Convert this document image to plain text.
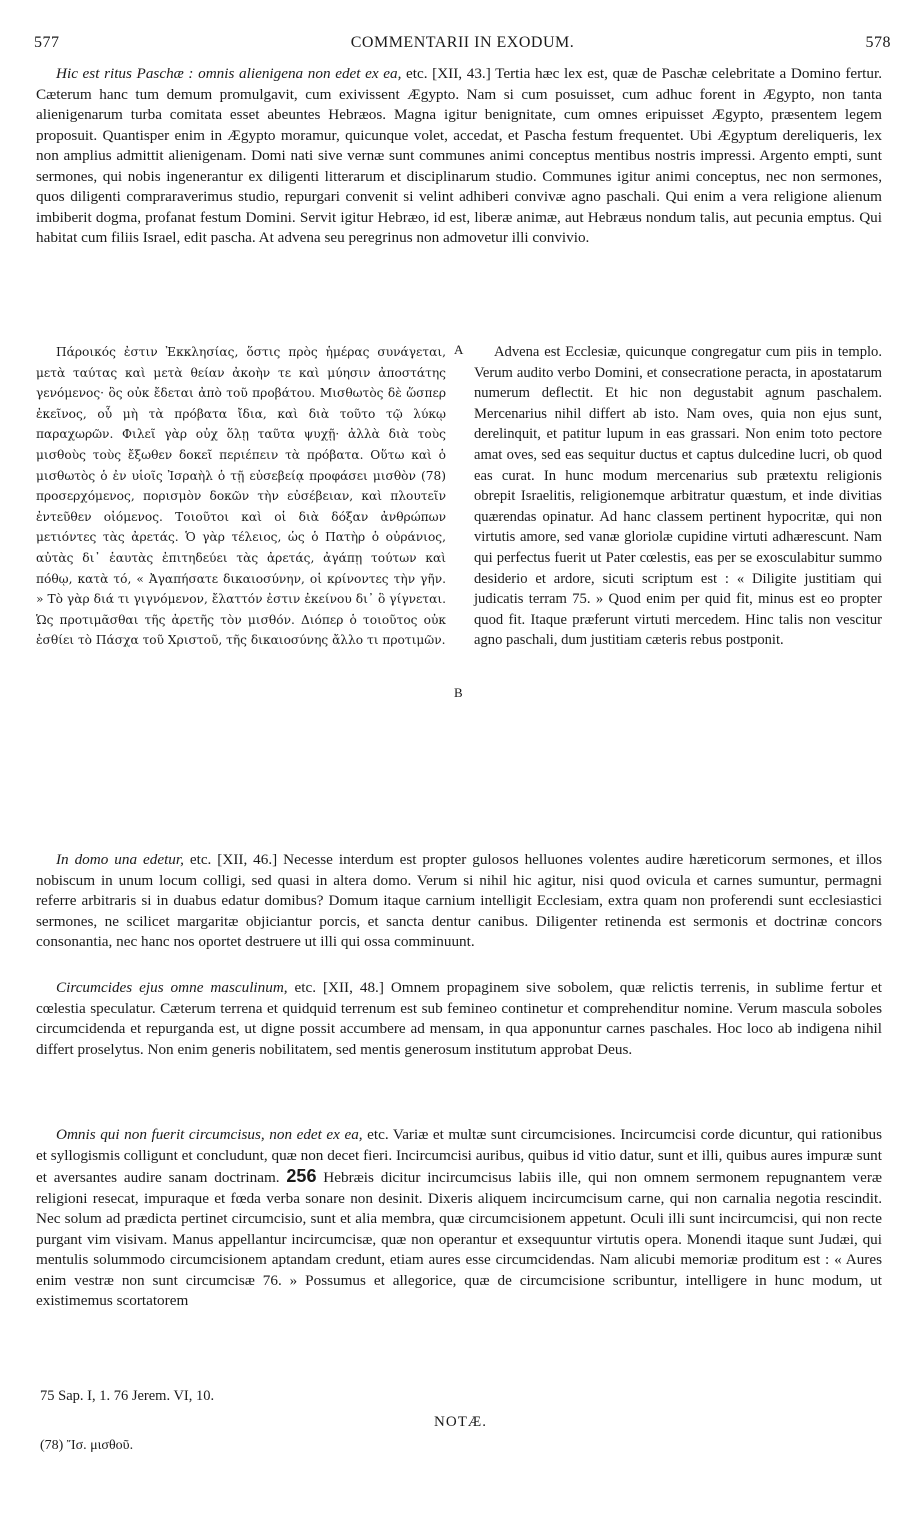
577	COMMENTARII IN EXODUM.	578

Hic est ritus Paschæ : omnis alienigena non edet ex ea, etc. [XII, 43.] Tertia hæc lex est, quæ de Paschæ celebritate a Domino fertur. Cæterum hanc tum demum promulgavit, cum exivissent Ægypto. Nam si cum posuisset, cum adhuc forent in Ægypto, non tanta alienigenarum turba comitata esset abeuntes Hebræos. Magna igitur benignitate, cum omnes eripuisset Ægypto, præsentem legem proposuit. Quantisper enim in Ægypto moramur, quicunque volet, accedat, et Pascha festum frequentet. Ubi Ægyptum dereliqueris, lex non amplius admittit alienigenam. Domi nati sive vernæ sunt communes animi conceptus mentibus nostris impressi. Argento empti, sunt sermones, qui nobis ingenerantur ex diligenti litterarum et disciplinarum studio. Communes igitur animi conceptus, nec non sermones, quos diligenti compraraverimus studio, repurgari convenit si velint adhiberi convivæ agno paschali. Qui enim a vera religione alienum imbiberit dogma, profanat festum Domini. Servit igitur Hebræo, id est, liberæ animæ, aut Hebræus nondum talis, aut pecunia emptus. Qui habitat cum filiis Israel, edit pascha. At advena seu peregrinus non admovetur illi convivio.

Πάροικός ἐστιν Ἐκκλησίας, ὅστις πρὸς ἡμέρας συνάγεται, μετὰ ταύτας καὶ μετὰ θείαν ἀκοὴν τε καὶ μύησιν ἀποστάτης γενόμενος· ὃς οὐκ ἔδεται ἀπὸ τοῦ προβάτου. Μισθωτὸς δὲ ὥσπερ ἐκεῖνος, οὗ μὴ τὰ πρόβατα ἴδια, καὶ διὰ τοῦτο τῷ λύκῳ παραχωρῶν. Φιλεῖ γὰρ οὐχ ὅλῃ ταῦτα ψυχῇ· ἀλλὰ διὰ τοὺς μισθοὺς τοὺς ἔξωθεν δοκεῖ περιέπειν τὰ πρόβατα. Οὕτω καὶ ὁ μισθωτὸς ὁ ἐν υἱοῖς Ἰσραὴλ ὁ τῇ εὐσεβείᾳ προφάσει μισθὸν (78) προσερχόμενος, πορισμὸν δοκῶν τὴν εὐσέβειαν, καὶ πλουτεῖν ἐντεῦθεν οἰόμενος. Τοιοῦτοι καὶ οἱ διὰ δόξαν ἀνθρώπων μετιόντες τὰς ἀρετάς. Ὁ γὰρ τέλειος, ὡς ὁ Πατὴρ ὁ οὐράνιος, αὐτὰς δι᾽ ἑαυτὰς ἐπιτηδεύει τὰς ἀρετάς, ἀγάπῃ τούτων καὶ πόθῳ, κατὰ τό, « Ἀγαπήσατε δικαιοσύνην, οἱ κρίνοντες τὴν γῆν. » Τὸ γὰρ διά τι γιγνόμενον, ἔλαττόν ἐστιν ἐκείνου δι᾽ ὃ γίγνεται. Ὡς προτιμᾶσθαι τῆς ἀρετῆς τὸν μισθόν. Διόπερ ὁ τοιοῦτος οὐκ ἐσθίει τὸ Πάσχα τοῦ Χριστοῦ, τῆς δικαιοσύνης ἄλλο τι προτιμῶν.

A
B

Advena est Ecclesiæ, quicunque congregatur cum piis in templo. Verum audito verbo Domini, et consecratione peracta, in apostatarum numerum deflectit. Et hic non degustabit agnum paschalem. Mercenarius nihil differt ab isto. Nam oves, quia non ejus sunt, derelinquit, et patitur lupum in eas grassari. Non enim toto pectore amat oves, sed eas sequitur ductus et captus dulcedine lucri, ob quod eas curat. In hunc modum mercenarius sub prætextu religionis obrepit Israelitis, religionemque arbitratur quæstum, et inde divitias quærendas opinatur. Ad hanc classem pertinent hypocritæ, qui non virtutis amore, sed vanæ gloriolæ cupidine virtuti adhærescunt. Nam qui perfectus fuerit ut Pater cœlestis, eas per se exosculabitur summo desiderio et ardore, sicuti scriptum est : « Diligite justitiam qui judicatis terram 75. » Quod enim per quid fit, minus est eo propter quod fit. Itaque præferunt virtuti mercedem. Hinc talis non vescitur agno paschali, dum justitiam cæteris rebus postponit.

In domo una edetur, etc. [XII, 46.] Necesse interdum est propter gulosos helluones volentes audire hæreticorum sermones, et illos nobiscum in unum locum colligi, sed quasi in altera domo. Verum si nihil hic agitur, nisi quod ovicula et carnes sumuntur, permagni referre arbitraris si in duabus edatur domibus? Domum itaque carnium intelligit Ecclesiam, extra quam non proferendi sunt ecclesiastici sermones, ne scilicet margaritæ objiciantur porcis, et sancta dentur canibus. Diligenter retinenda est sermonis et doctrinæ concors consonantia, nec hanc nos oportet destruere ut illi qui ossa comminuunt.

Circumcides ejus omne masculinum, etc. [XII, 48.] Omnem propaginem sive sobolem, quæ relictis terrenis, in sublime fertur et cœlestia speculatur. Cæterum terrena et quidquid terrenum est sub femineo continetur et comprehenditur nomine. Verum mascula soboles circumcidenda et repurganda est, ut digne possit accumbere ad mensam, in qua apponuntur carnes paschales. Hoc loco ab indigena nihil differt proselytus. Non enim generis nobilitatem, sed mentis generosum institutum approbat Deus.

Omnis qui non fuerit circumcisus, non edet ex ea, etc. Variæ et multæ sunt circumcisiones. Incircumcisi corde dicuntur, qui rationibus et syllogismis colligunt et concludunt, quæ non decet fieri. Incircumcisi auribus, quibus id vitio datur, sunt et illi, quibus aures impuræ sunt et aversantes audire sanam doctrinam. 256 Hebræis dicitur incircumcisus labiis ille, qui non omnem sermonem repugnantem veræ religioni resecat, impuraque et fœda verba sonare non desinit. Dixeris aliquem incircumcisum carne, qui non carnalia negotia rescindit. Nec solum ad prædicta pertinet circumcisio, sunt et alia membra, quæ circumcisionem appetunt. Oculi illi sunt incircumcisi, qui non recte purgant vim visivam. Manus appellantur incircumcisæ, quæ non operantur et exsequuntur virtutis opera. Monendi itaque sunt Judæi, qui mentulis solummodo circumcisionem aptandam credunt, etiam aures esse circumcidendas. Nam alicubi memoriæ proditum est : « Aures enim vestræ non sunt circumcisæ 76. » Possumus et allegorice, quæ de circumcisione scribuntur, intelligere in hunc modum, ut existimemus scortatorem

75 Sap. I, 1. 76 Jerem. VI, 10.
NOTÆ.
(78) Ἴσ. μισθοῦ.
